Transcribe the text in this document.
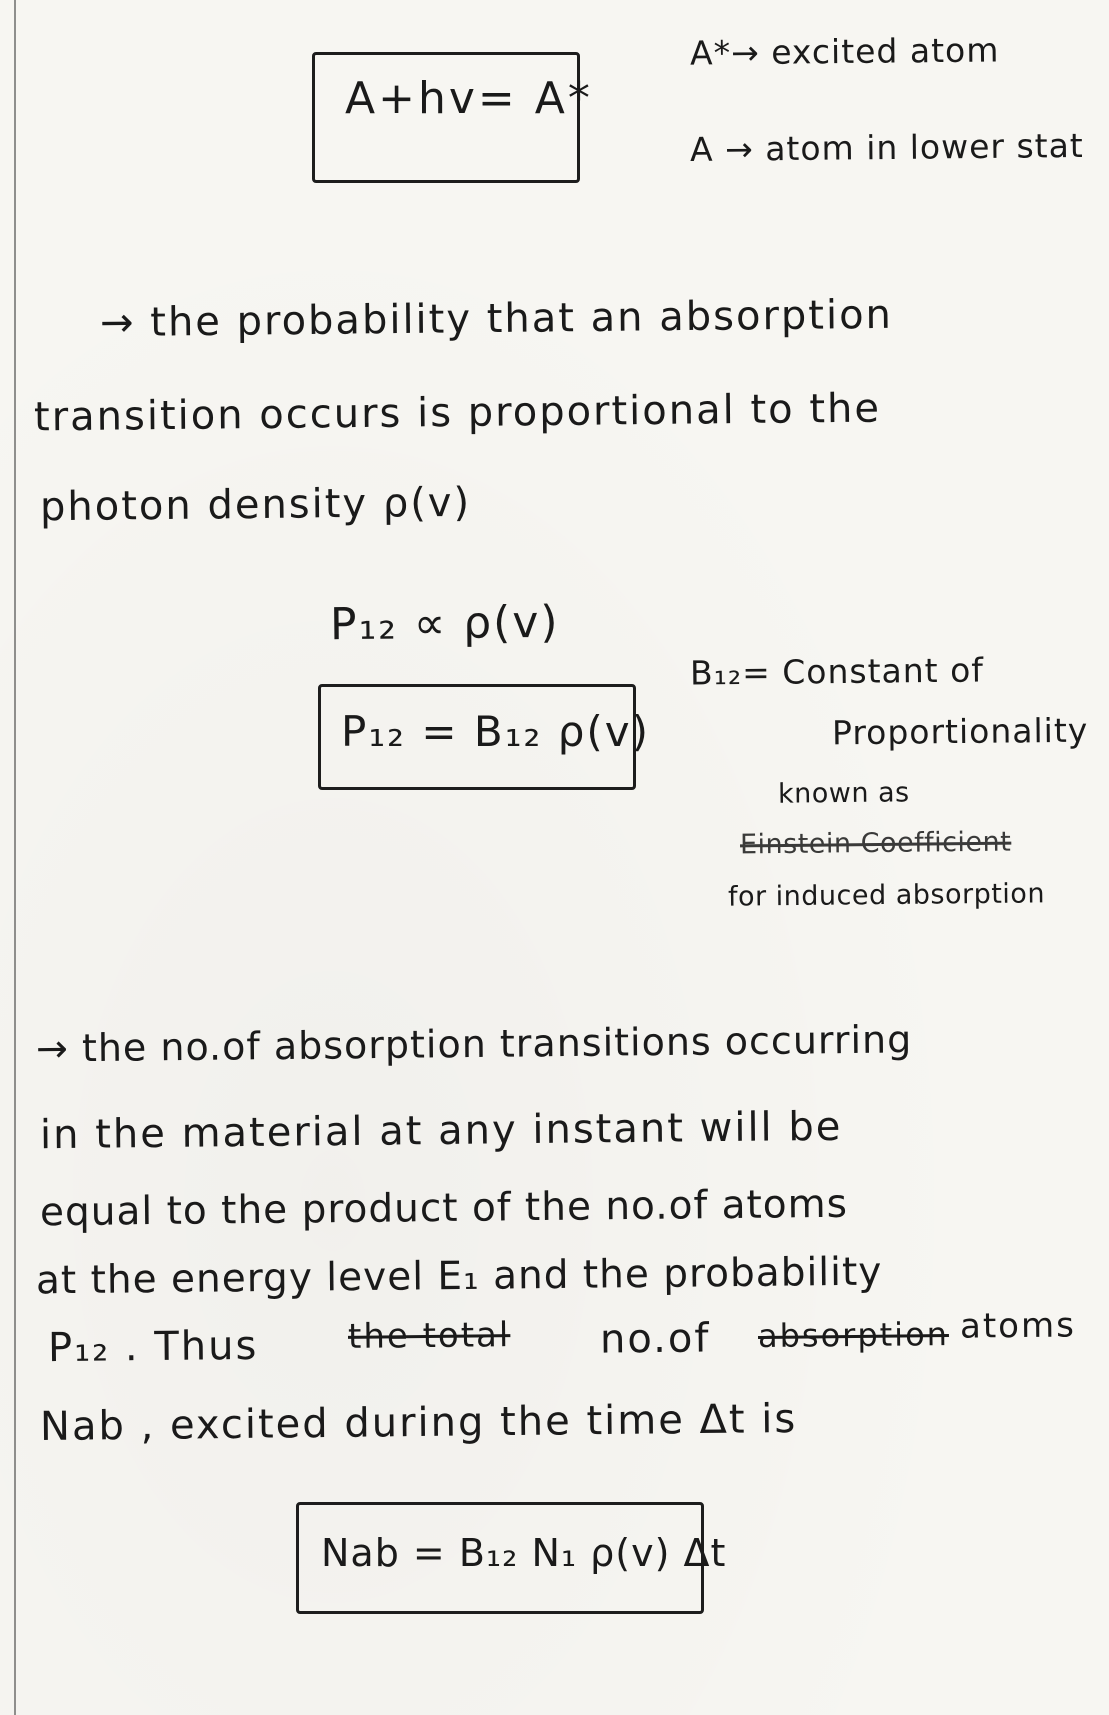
A+hv= A*
A*→ excited atom
A → atom in lower stat
→ the probability that an absorption
transition occurs is proportional to the
photon density ρ(v)
P₁₂ ∝ ρ(v)
P₁₂ = B₁₂ ρ(v)
B₁₂= Constant of
Proportionality
known as
Einstein Coefficient
for induced absorption
→ the no.of absorption transitions occurring
in the material at any instant will be
equal to the product of the no.of atoms
at the energy level E₁ and the probability
P₁₂ . Thus	the total no.of absorption atoms
Nab , excited during the time Δt is
Nab = B₁₂ N₁ ρ(v) Δt
